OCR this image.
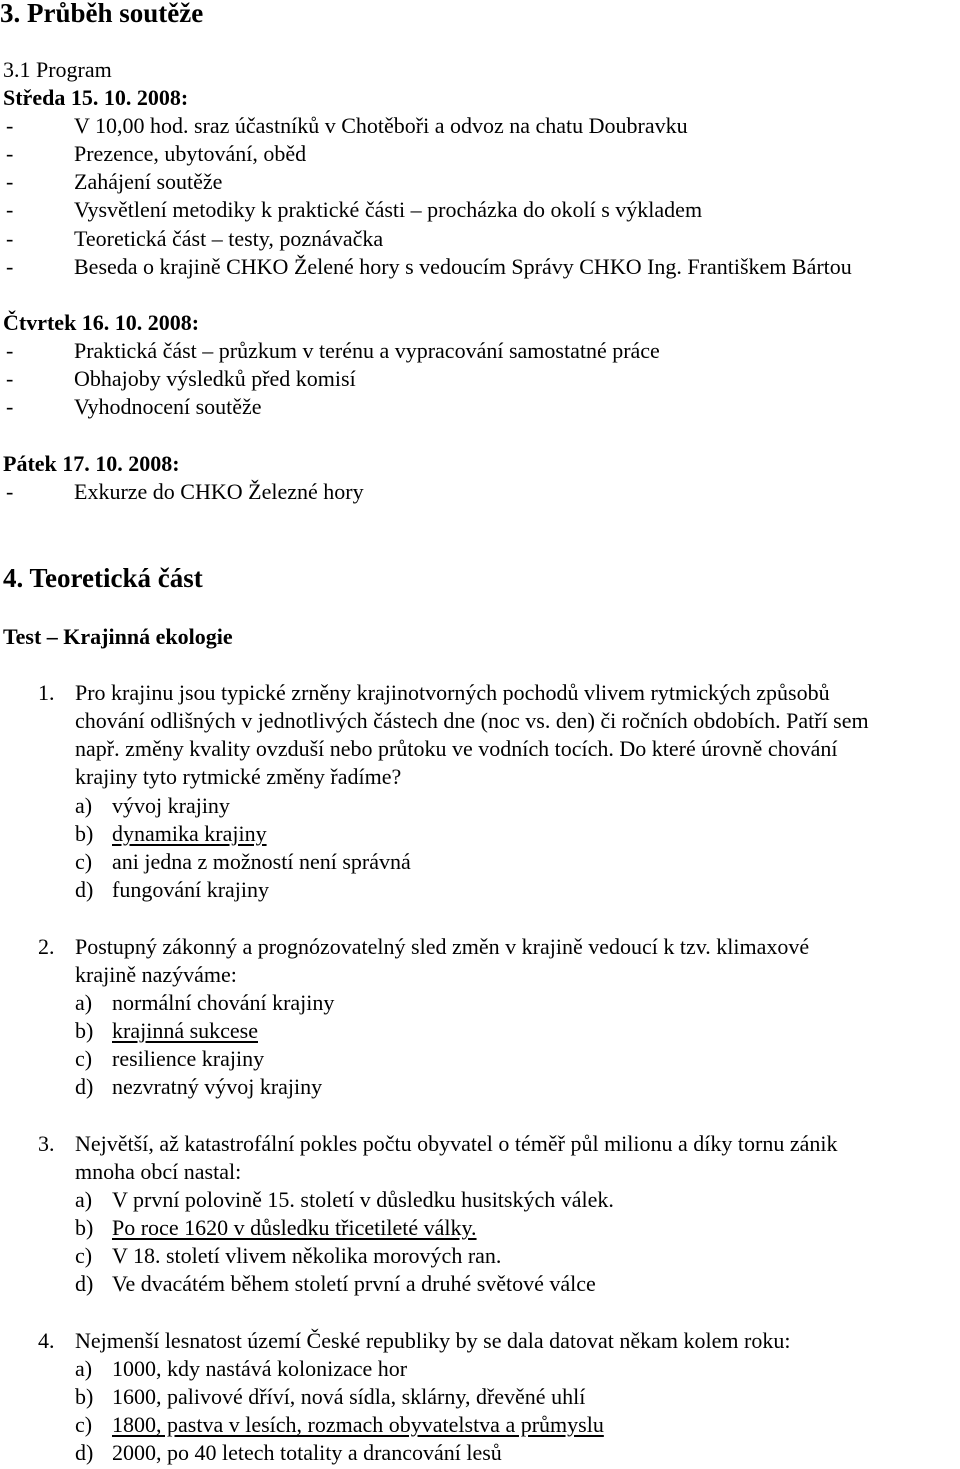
3. Průběh soutěže
3.1 Program
Středa 15. 10. 2008:
-	V 10,00 hod. sraz účastníků v Chotěboři a odvoz na chatu Doubravku
-	Prezence, ubytování, oběd
-	Zahájení soutěže
-	Vysvětlení metodiky k praktické části – procházka do okolí s výkladem
-	Teoretická část – testy, poznávačka
-	Beseda o krajině CHKO Želené hory s vedoucím Správy CHKO Ing. Františkem Bártou
Čtvrtek 16. 10. 2008:
-	Praktická část – průzkum v terénu a vypracování samostatné práce
-	Obhajoby výsledků před komisí
-	Vyhodnocení soutěže
Pátek 17. 10. 2008:
-	Exkurze do CHKO Železné hory
4. Teoretická část
Test – Krajinná ekologie
1. Pro krajinu jsou typické zrněny krajinotvorných pochodů vlivem rytmických způsobů
chování odlišných v jednotlivých částech dne (noc vs. den) či ročních obdobích. Patří sem
např. změny kvality ovzduší nebo průtoku ve vodních tocích. Do které úrovně chování
krajiny tyto rytmické změny řadíme?
a) vývoj krajiny
b) dynamika krajiny
c) ani jedna z možností není správná
d) fungování krajiny
2. Postupný zákonný a prognózovatelný sled změn v krajině vedoucí k tzv. klimaxové
krajině nazýváme:
a) normální chování krajiny
b) krajinná sukcese
c) resilience krajiny
d) nezvratný vývoj krajiny
3. Největší, až katastrofální pokles počtu obyvatel o téměř půl milionu a díky tornu zánik
mnoha obcí nastal:
a) V první polovině 15. století v důsledku husitských válek.
b) Po roce 1620 v důsledku třicetileté války.
c) V 18. století vlivem několika morových ran.
d) Ve dvacátém během století první a druhé světové válce
4. Nejmenší lesnatost území České republiky by se dala datovat někam kolem roku:
a) 1000, kdy nastává kolonizace hor
b) 1600, palivové dříví, nová sídla, sklárny, dřevěné uhlí
c) 1800, pastva v lesích, rozmach obyvatelstva a průmyslu
d) 2000, po 40 letech totality a drancování lesů
